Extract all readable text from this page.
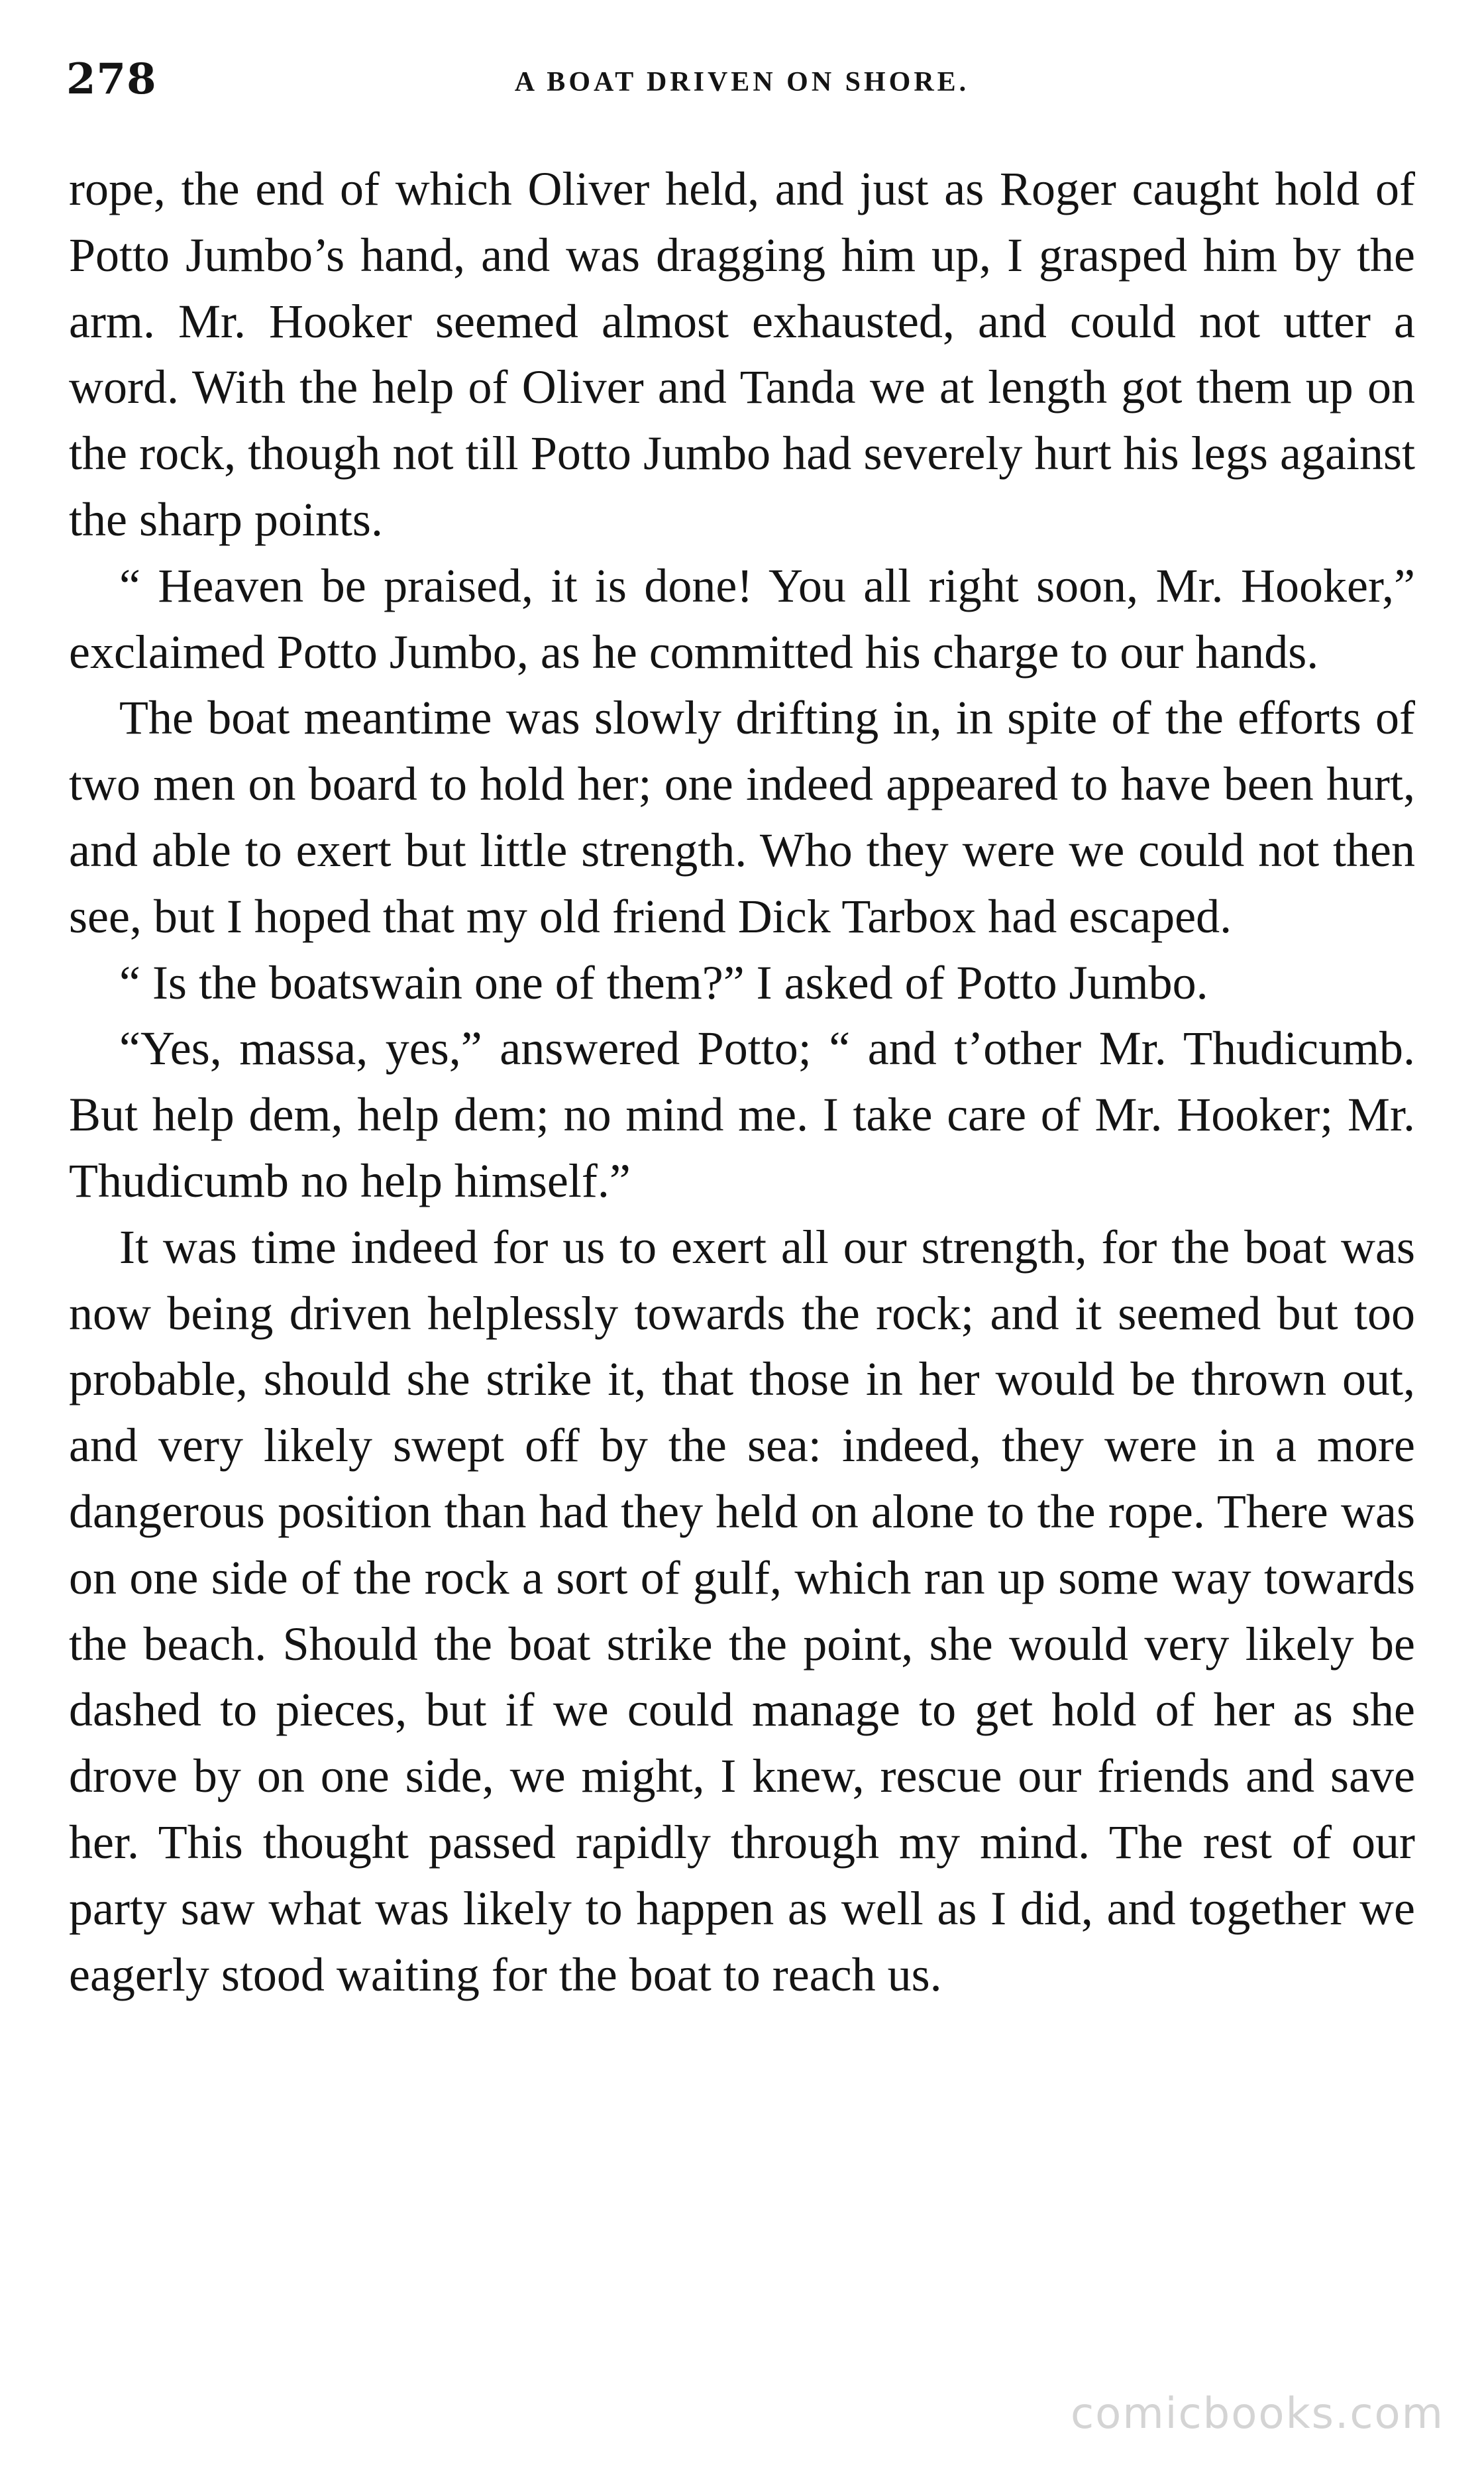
278	A BOAT DRIVEN ON SHORE.

rope, the end of which Oliver held, and just as Roger caught hold of Potto Jumbo’s hand, and was dragging him up, I grasped him by the arm. Mr. Hooker seemed almost exhausted, and could not utter a word. With the help of Oliver and Tanda we at length got them up on the rock, though not till Potto Jumbo had severely hurt his legs against the sharp points.

“ Heaven be praised, it is done! You all right soon, Mr. Hooker,” exclaimed Potto Jumbo, as he committed his charge to our hands.

The boat meantime was slowly drifting in, in spite of the efforts of two men on board to hold her; one indeed appeared to have been hurt, and able to exert but little strength. Who they were we could not then see, but I hoped that my old friend Dick Tarbox had escaped.

“ Is the boatswain one of them?” I asked of Potto Jumbo.

“Yes, massa, yes,” answered Potto; “ and t’other Mr. Thudicumb. But help dem, help dem; no mind me. I take care of Mr. Hooker; Mr. Thudicumb no help himself.”

It was time indeed for us to exert all our strength, for the boat was now being driven helplessly towards the rock; and it seemed but too probable, should she strike it, that those in her would be thrown out, and very likely swept off by the sea: indeed, they were in a more dangerous position than had they held on alone to the rope. There was on one side of the rock a sort of gulf, which ran up some way towards the beach. Should the boat strike the point, she would very likely be dashed to pieces, but if we could manage to get hold of her as she drove by on one side, we might, I knew, rescue our friends and save her. This thought passed rapidly through my mind. The rest of our party saw what was likely to happen as well as I did, and together we eagerly stood waiting for the boat to reach us.

comicbooks.com
